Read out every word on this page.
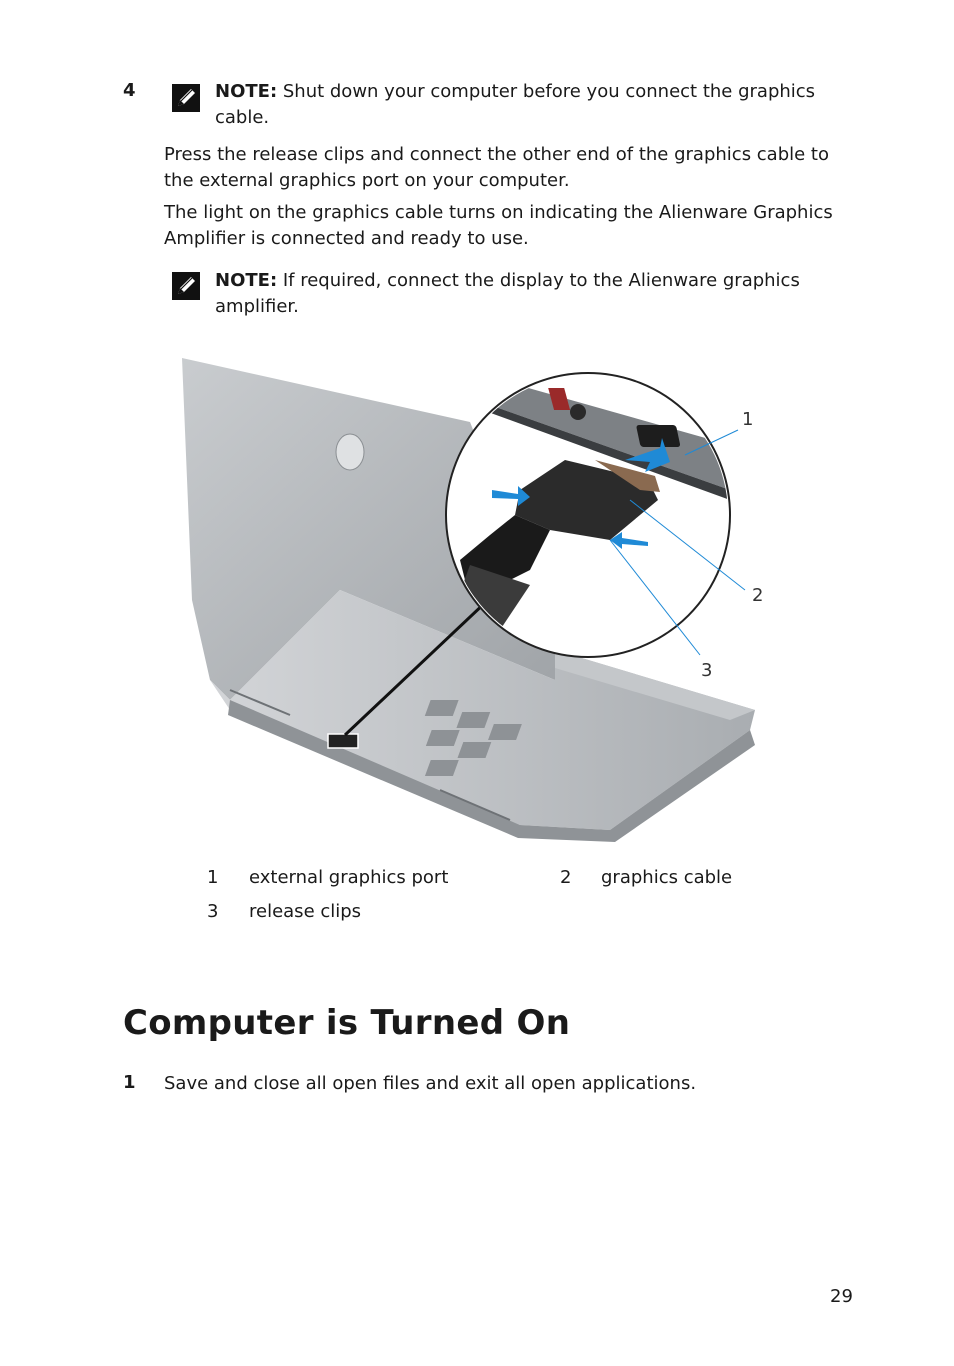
4	NOTE: Shut down your computer before you connect the graphics cable.
Press the release clips and connect the other end of the graphics cable to the external graphics port on your computer.
The light on the graphics cable turns on indicating the Alienware Graphics Amplifier is connected and ready to use.
NOTE: If required, connect the display to the Alienware graphics amplifier.
1
2
3
1 external graphics port	2 graphics cable
3 release clips
Computer is Turned On
1 Save and close all open files and exit all open applications.
29
